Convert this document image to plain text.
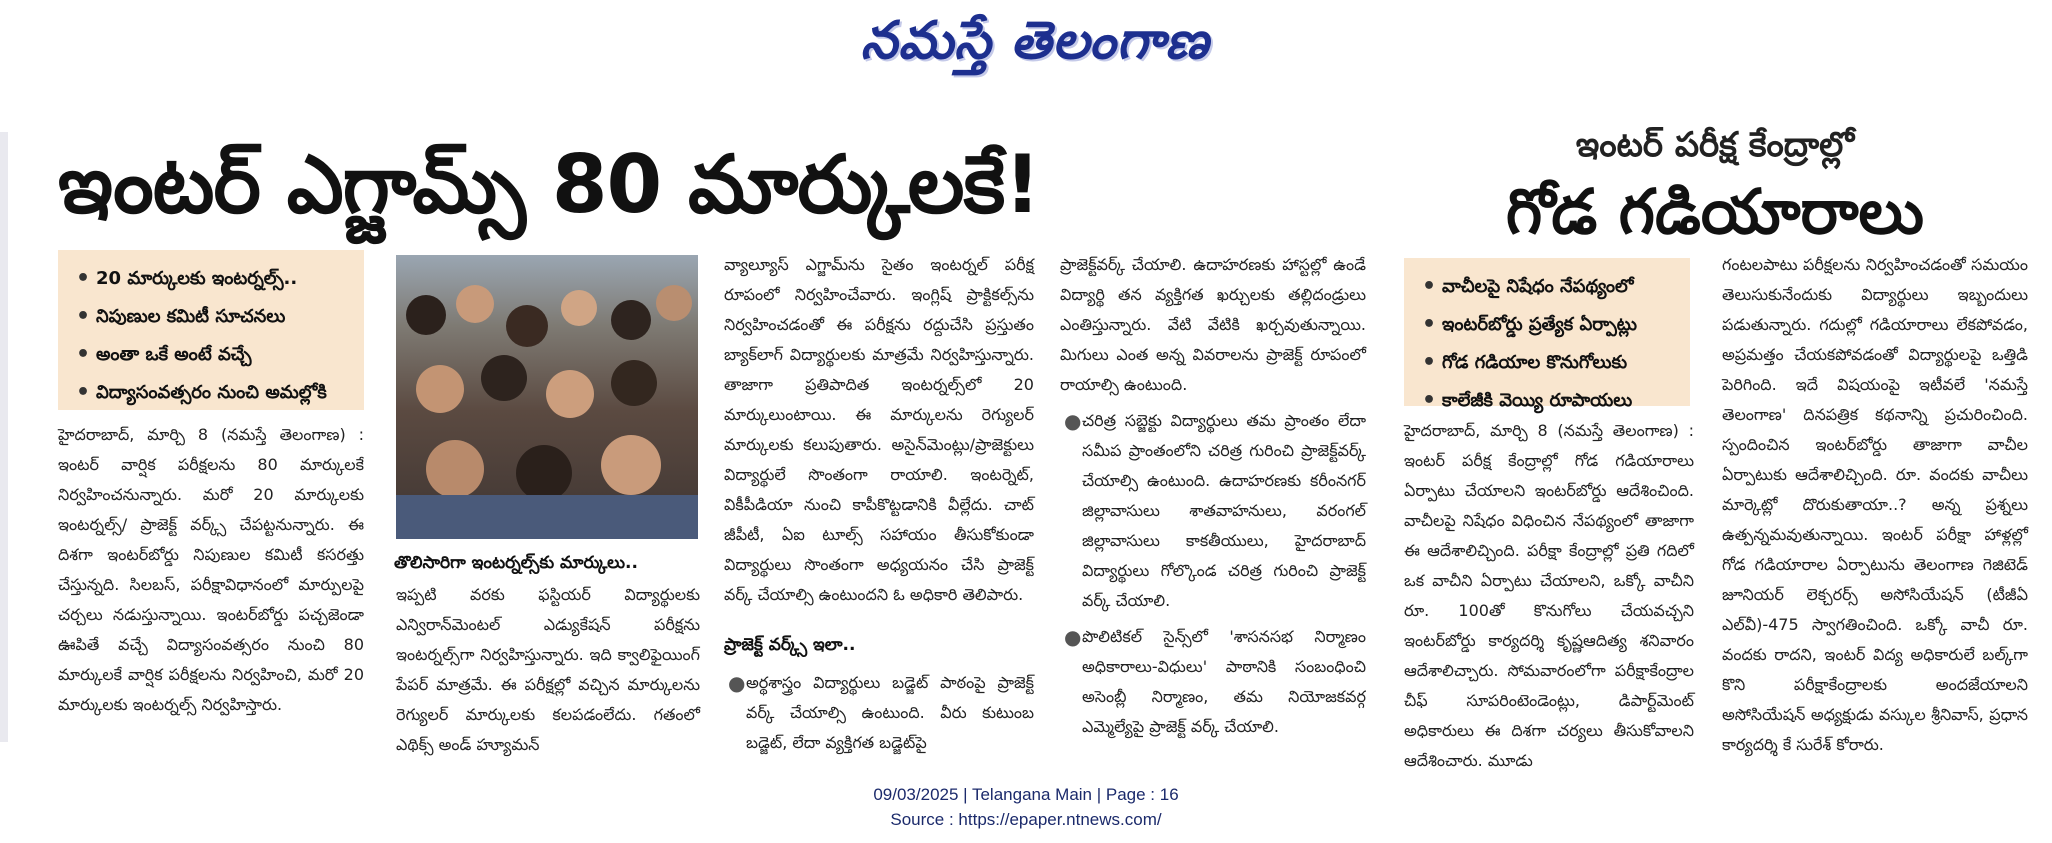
నమస్తే తెలంగాణ
ఇంటర్ ఎగ్జామ్స్ 80 మార్కులకే!
• 20 మార్కులకు ఇంటర్నల్స్..
• నిపుణుల కమిటీ సూచనలు
• అంతా ఒకే అంటే వచ్చే
• విద్యాసంవత్సరం నుంచి అమల్లోకి

హైదరాబాద్, మార్చి 8 (నమస్తే తెలంగాణ) : ఇంటర్ వార్షిక పరీక్షలను 80 మార్కులకే నిర్వహించనున్నారు. మరో 20 మార్కులకు ఇంటర్నల్స్/ ప్రాజెక్ట్ వర్క్స్ చేపట్టనున్నారు. ఈ దిశగా ఇంటర్‌బోర్డు నిపుణుల కమిటీ కసరత్తు చేస్తున్నది. సిలబస్, పరీక్షావిధానంలో మార్పులపై చర్చలు నడుస్తున్నాయి. ఇంటర్‌బోర్డు పచ్చజెండా ఊపితే వచ్చే విద్యాసంవత్సరం నుంచి 80 మార్కులకే వార్షిక పరీక్షలను నిర్వహించి, మరో 20 మార్కులకు ఇంటర్నల్స్ నిర్వహిస్తారు.

తొలిసారిగా ఇంటర్నల్స్‌కు మార్కులు..

ఇప్పటి వరకు ఫస్టియర్ విద్యార్థులకు ఎన్విరాన్‌మెంటల్ ఎడ్యుకేషన్ పరీక్షను ఇంటర్నల్స్‌గా నిర్వహిస్తున్నారు. ఇది క్వాలిఫైయింగ్ పేపర్ మాత్రమే. ఈ పరీక్షల్లో వచ్చిన మార్కులను రెగ్యులర్ మార్కులకు కలపడంలేదు. గతంలో ఎథిక్స్ అండ్ హ్యూమన్

వ్యాల్యూస్ ఎగ్జామ్‌ను సైతం ఇంటర్నల్ పరీక్ష రూపంలో నిర్వహించేవారు. ఇంగ్లిష్ ప్రాక్టికల్స్‌ను నిర్వహించడంతో ఈ పరీక్షను రద్దుచేసి ప్రస్తుతం బ్యాక్‌లాగ్ విద్యార్థులకు మాత్రమే నిర్వహిస్తున్నారు. తాజాగా ప్రతిపాదిత ఇంటర్నల్స్‌లో 20 మార్కులుంటాయి. ఈ మార్కులను రెగ్యులర్ మార్కులకు కలుపుతారు. అసైన్‌మెంట్లు/ప్రాజెక్టులు విద్యార్థులే సొంతంగా రాయాలి. ఇంటర్నెట్, వికీపీడియా నుంచి కాపీకొట్టడానికి వీల్లేదు. చాట్ జీపీటీ, ఏఐ టూల్స్ సహాయం తీసుకోకుండా విద్యార్థులు సొంతంగా అధ్యయనం చేసి ప్రాజెక్ట్ వర్క్ చేయాల్సి ఉంటుందని ఓ అధికారి తెలిపారు.

ప్రాజెక్ట్ వర్క్స్ ఇలా..
● అర్థశాస్త్రం విద్యార్థులు బడ్జెట్ పాఠంపై ప్రాజెక్ట్ వర్క్ చేయాల్సి ఉంటుంది. వీరు కుటుంబ బడ్జెట్, లేదా వ్యక్తిగత బడ్జెట్‌పై

ప్రాజెక్ట్‌వర్క్ చేయాలి. ఉదాహరణకు హాస్టల్లో ఉండే విద్యార్థి తన వ్యక్తిగత ఖర్చులకు తల్లిదండ్రులు ఎంతిస్తున్నారు. వేటి వేటికి ఖర్చవుతున్నాయి. మిగులు ఎంత అన్న వివరాలను ప్రాజెక్ట్ రూపంలో రాయాల్సి ఉంటుంది.

● చరిత్ర సబ్జెక్టు విద్యార్థులు తమ ప్రాంతం లేదా సమీప ప్రాంతంలోని చరిత్ర గురించి ప్రాజెక్ట్‌వర్క్ చేయాల్సి ఉంటుంది. ఉదాహరణకు కరీంనగర్ జిల్లావాసులు శాతవాహనులు, వరంగల్ జిల్లావాసులు కాకతీయులు, హైదరాబాద్ విద్యార్థులు గోల్కొండ చరిత్ర గురించి ప్రాజెక్ట్ వర్క్ చేయాలి.
● పొలిటికల్ సైన్స్‌లో 'శాసనసభ నిర్మాణం అధికారాలు-విధులు' పాఠానికి సంబంధించి అసెంబ్లీ నిర్మాణం, తమ నియోజకవర్గ ఎమ్మెల్యేపై ప్రాజెక్ట్ వర్క్ చేయాలి.
ఇంటర్ పరీక్ష కేంద్రాల్లో
గోడ గడియారాలు
• వాచీలపై నిషేధం నేపథ్యంలో
• ఇంటర్‌బోర్డు ప్రత్యేక ఏర్పాట్లు
• గోడ గడియాల కొనుగోలుకు
• కాలేజీకి వెయ్యి రూపాయలు

హైదరాబాద్, మార్చి 8 (నమస్తే తెలంగాణ) : ఇంటర్ పరీక్ష కేంద్రాల్లో గోడ గడియారాలు ఏర్పాటు చేయాలని ఇంటర్‌బోర్డు ఆదేశించింది. వాచీలపై నిషేధం విధించిన నేపథ్యంలో తాజాగా ఈ ఆదేశాలిచ్చింది. పరీక్షా కేంద్రాల్లో ప్రతి గదిలో ఒక వాచీని ఏర్పాటు చేయాలని, ఒక్కో వాచీని రూ. 100తో కొనుగోలు చేయవచ్చని ఇంటర్‌బోర్డు కార్యదర్శి కృష్ణఆదిత్య శనివారం ఆదేశాలిచ్చారు. సోమవారంలోగా పరీక్షాకేంద్రాల చీఫ్ సూపరింటెండెంట్లు, డిపార్ట్‌మెంట్ అధికారులు ఈ దిశగా చర్యలు తీసుకోవాలని ఆదేశించారు. మూడు

గంటలపాటు పరీక్షలను నిర్వహించడంతో సమయం తెలుసుకునేందుకు విద్యార్థులు ఇబ్బందులు పడుతున్నారు. గదుల్లో గడియారాలు లేకపోవడం, అప్రమత్తం చేయకపోవడంతో విద్యార్థులపై ఒత్తిడి పెరిగింది. ఇదే విషయంపై ఇటీవలే 'నమస్తే తెలంగాణ' దినపత్రిక కథనాన్ని ప్రచురించింది. స్పందించిన ఇంటర్‌బోర్డు తాజాగా వాచీల ఏర్పాటుకు ఆదేశాలిచ్చింది. రూ. వందకు వాచీలు మార్కెట్లో దొరుకుతాయా..? అన్న ప్రశ్నలు ఉత్పన్నమవుతున్నాయి. ఇంటర్ పరీక్షా హాళ్లల్లో గోడ గడియారాల ఏర్పాటును తెలంగాణ గెజిటెడ్ జూనియర్ లెక్చరర్స్ అసోసియేషన్ (టీజీఏ ఎల్‌వీ)-475 స్వాగతించింది. ఒక్కో వాచీ రూ. వందకు రాదని, ఇంటర్ విద్య అధికారులే బల్క్‌గా కొని పరీక్షాకేంద్రాలకు అందజేయాలని అసోసియేషన్ అధ్యక్షుడు వస్కుల శ్రీనివాస్, ప్రధాన కార్యదర్శి కే సురేశ్ కోరారు.

09/03/2025 | Telangana Main | Page : 16
Source : https://epaper.ntnews.com/
